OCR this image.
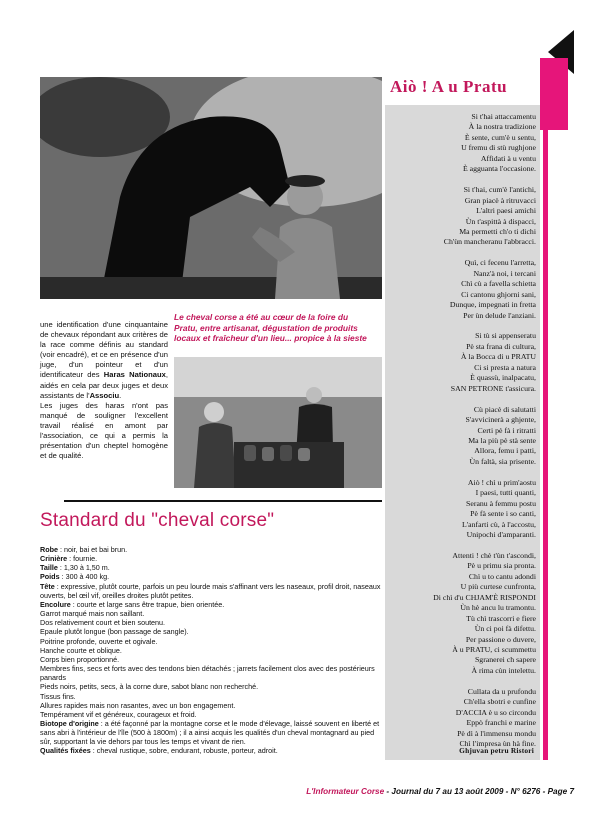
Le cheval corse a été au cœur de la foire du Pratu, entre artisanat, dégustation de produits locaux et fraîcheur d'un lieu... propice à la sieste

une identification d'une cinquantaine de chevaux répondant aux critères de la race comme définis au standard (voir encadré), et ce en présence d'un juge, d'un pointeur et d'un identificateur des Haras Nationaux, aidés en cela par deux juges et deux assistants de l'Associu.

Les juges des haras n'ont pas manqué de souligner l'excellent travail réalisé en amont par l'association, ce qui a permis la présentation d'un cheptel homogène et de qualité.

Standard du "cheval corse"
Robe : noir, bai et bai brun.
Crinière : fournie.
Taille : 1,30 à 1,50 m.
Poids : 300 à 400 kg.
Tête : expressive, plutôt courte, parfois un peu lourde mais s'affinant vers les naseaux, profil droit, naseaux ouverts, bel œil vif, oreilles droites plutôt petites.
Encolure : courte et large sans être trapue, bien orientée.
Garrot marqué mais non saillant.
Dos relativement court et bien soutenu.
Epaule plutôt longue (bon passage de sangle).
Poitrine profonde, ouverte et ogivale.
Hanche courte et oblique.
Corps bien proportionné.
Membres fins, secs et forts avec des tendons bien détachés ; jarrets facilement clos avec des postérieurs panards
Pieds noirs, petits, secs, à la corne dure, sabot blanc non recherché.
Tissus fins.
Allures rapides mais non rasantes, avec un bon engagement.
Tempérament vif et généreux, courageux et froid.
Biotope d'origine : a été façonné par la montagne corse et le mode d'élevage, laissé souvent en liberté et sans abri à l'intérieur de l'île (500 à 1800m) ; il a ainsi acquis les qualités d'un cheval montagnard au pied sûr, supportant la vie dehors par tous les temps et vivant de rien.
Qualités fixées : cheval rustique, sobre, endurant, robuste, porteur, adroit.
Aiò ! A u Pratu
Si t'hai attaccamentu
À la nostra tradizione
È sente, cum'è u sentu,
U fremu di stù rughjone
Affidati à u ventu
È agguanta l'occasione.
Si t'hai, cum'è l'antichi,
Gran piacè à ritruvacci
L'altri paesi amichi
Ùn t'aspittà à dispacci,
Ma permetti ch'o ti dichi
Ch'ùn mancheranu l'abbracci.
Quì, ci fecenu l'arretta,
Nanz'à noi, i tercani
Chì cù a favella schietta
Ci cantonu ghjorni sani,
Dunque, impegnati in fretta
Per ùn delude l'anziani.
Si tù si appenseratu
Pè sta frana di cultura,
À la Bocca di u PRATU
Ci si presta a natura
È quassù, inalpacatu,
SAN PETRONE t'assicura.
Cù piacè di salutatti
S'avvicinerà a ghjente,
Certi pè fà i ritratti
Ma la più pè stà sente
Allora, femu i patti,
Ùn faltà, sia prisente.
Aiò ! chì u prim'aostu
I paesi, tutti quanti,
Seranu à femmu postu
Pè fà sente i so canti,
L'anfarti cù, à l'accostu,
Unipochi d'amparanti.
Attenti ! chè t'ùn t'ascondi,
Pè u primu sia pronta.
Chì u to cantu adondi
U più curtese cunfronta,
Di chì d'u CHJAM'È RISPONDI
Ùn hè ancu lu tramontu.
Tù chì trascorri e fiere
Ùn ci poi fà difettu.
Per passione o duvere,
À u PRATU, ci scummettu
Sgranerei ch sapere
À rima cùn intelettu.
Cullata da u prufondu
Ch'ella sbotri e cunfine
D'ACCIA è u so circondu
Eppò franchi e marine
Pè dì à l'immensu mondu
Chì l'impresa ùn hà fine.
Ghjuvan petru Ristori
L'Informateur Corse - Journal du 7 au 13 août 2009 - N° 6276 - Page 7
